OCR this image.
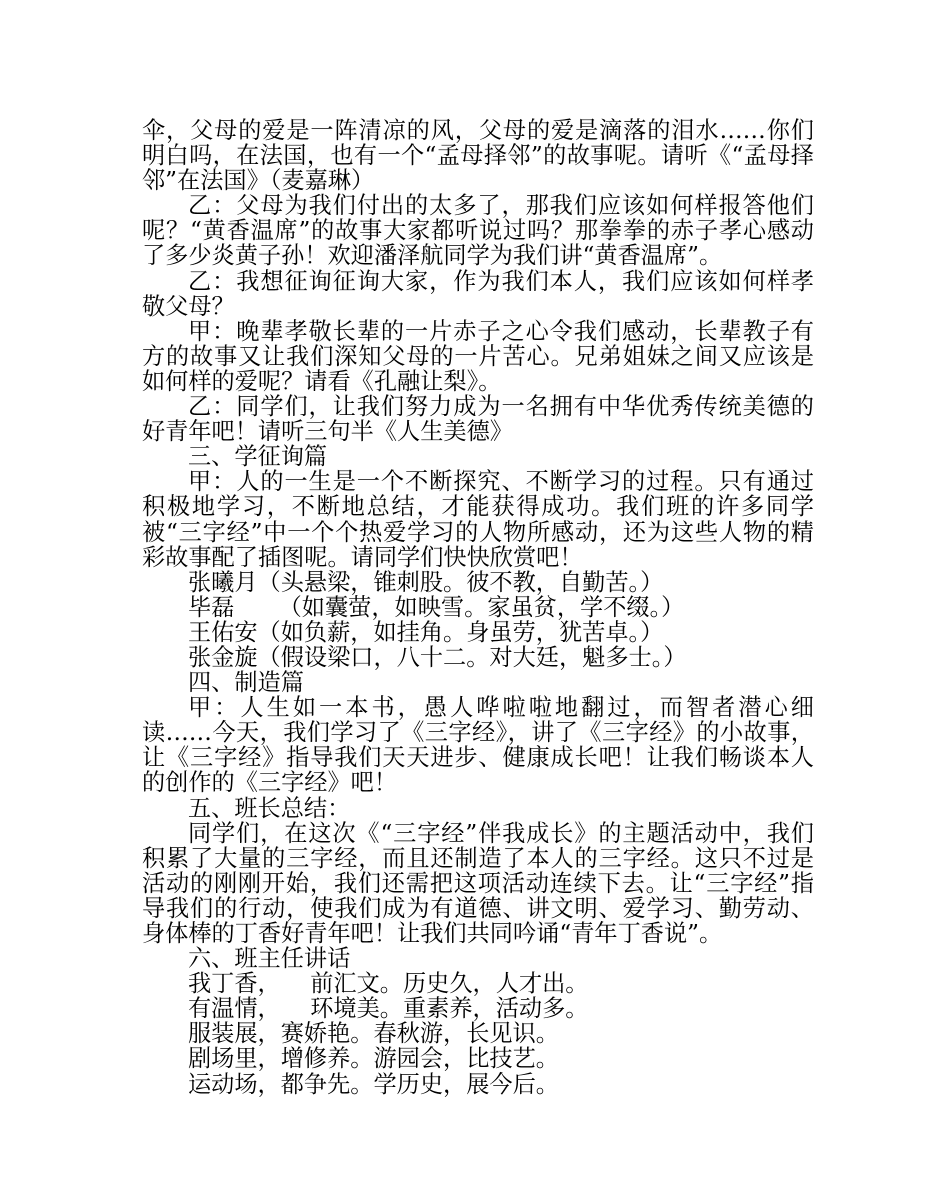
伞，父母的爱是一阵清凉的风，父母的爱是滴落的泪水……你们明白吗，在法国，也有一个“孟母择邻”的故事呢。请听《“孟母择邻”在法国》（麦嘉琳）

乙：父母为我们付出的太多了，那我们应该如何样报答他们呢？“黄香温席”的故事大家都听说过吗？那拳拳的赤子孝心感动了多少炎黄子孙！欢迎潘泽航同学为我们讲“黄香温席”。

乙：我想征询征询大家，作为我们本人，我们应该如何样孝敬父母？

甲：晚辈孝敬长辈的一片赤子之心令我们感动，长辈教子有方的故事又让我们深知父母的一片苦心。兄弟姐妹之间又应该是如何样的爱呢？请看《孔融让梨》。

乙：同学们，让我们努力成为一名拥有中华优秀传统美德的好青年吧！请听三句半《人生美德》

三、学征询篇

甲：人的一生是一个不断探究、不断学习的过程。只有通过积极地学习，不断地总结，才能获得成功。我们班的许多同学被“三字经”中一个个热爱学习的人物所感动，还为这些人物的精彩故事配了插图呢。请同学们快快欣赏吧！

张曦月（头悬梁，锥刺股。彼不教，自勤苦。）

毕磊      （如囊萤，如映雪。家虽贫，学不缀。）

王佑安（如负薪，如挂角。身虽劳，犹苦卓。）

张金旋（假设梁口，八十二。对大廷，魁多士。）

四、制造篇

甲：人生如一本书，愚人哗啦啦地翻过，而智者潜心细读……今天，我们学习了《三字经》，讲了《三字经》的小故事，让《三字经》指导我们天天进步、健康成长吧！让我们畅谈本人的创作的《三字经》吧！

五、班长总结：

同学们，在这次《“三字经”伴我成长》的主题活动中，我们积累了大量的三字经，而且还制造了本人的三字经。这只不过是活动的刚刚开始，我们还需把这项活动连续下去。让“三字经”指导我们的行动，使我们成为有道德、讲文明、爱学习、勤劳动、身体棒的丁香好青年吧！让我们共同吟诵“青年丁香说”。

六、班主任讲话

我丁香，    前汇文。历史久，人才出。

有温情，    环境美。重素养，活动多。

服装展，赛娇艳。春秋游，长见识。

剧场里，增修养。游园会，比技艺。

运动场，都争先。学历史，展今后。
